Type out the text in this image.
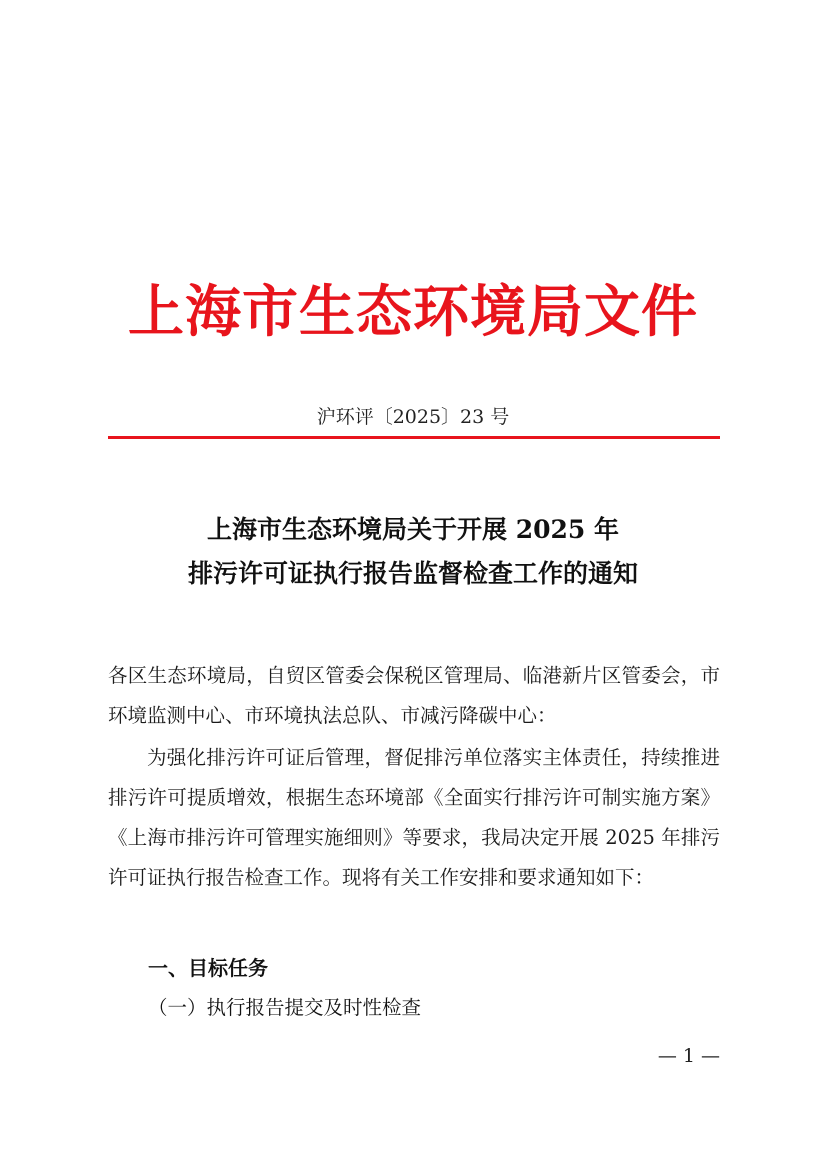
上海市生态环境局文件
沪环评〔2025〕23 号
上海市生态环境局关于开展 2025 年
排污许可证执行报告监督检查工作的通知
各区生态环境局，自贸区管委会保税区管理局、临港新片区管委会，市环境监测中心、市环境执法总队、市减污降碳中心：
为强化排污许可证后管理，督促排污单位落实主体责任，持续推进排污许可提质增效，根据生态环境部《全面实行排污许可制实施方案》《上海市排污许可管理实施细则》等要求，我局决定开展 2025 年排污许可证执行报告检查工作。现将有关工作安排和要求通知如下：
一、目标任务
（一）执行报告提交及时性检查
— 1 —
